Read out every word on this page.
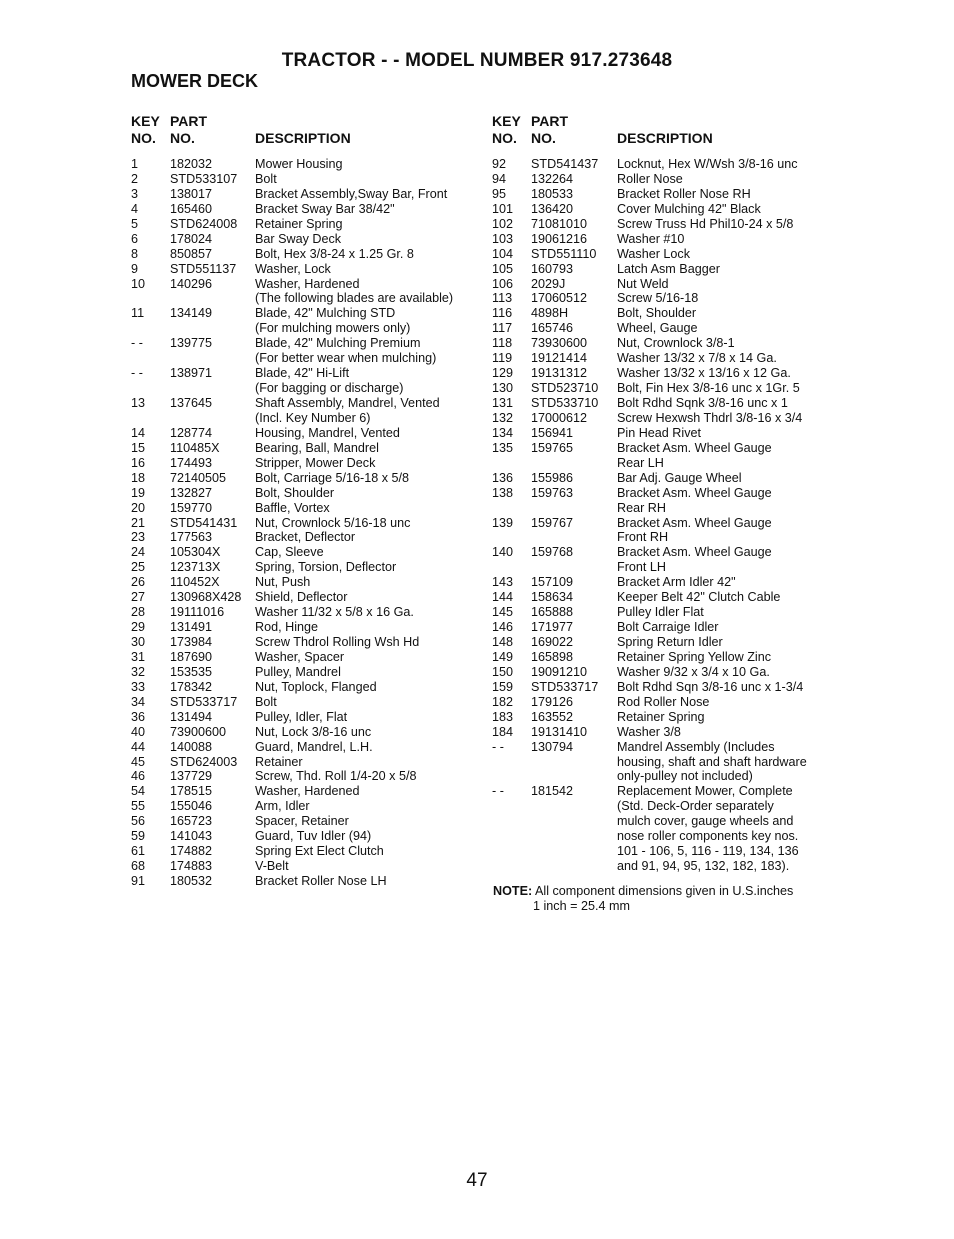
TRACTOR - - MODEL NUMBER 917.273648
MOWER DECK
KEY
NO.
PART
NO.	DESCRIPTION
1	182032	Mower Housing
2	STD533107 Bolt
3	138017	Bracket Assembly,Sway Bar, Front
4	165460	Bracket Sway Bar 38/42"
5	STD624008 Retainer Spring
6	178024	Bar Sway Deck
8	850857	Bolt, Hex 3/8-24 x 1.25 Gr. 8
9	STD551137 Washer, Lock
10 140296	Washer, Hardened
(The following blades are available)
11 134149	Blade, 42" Mulching STD
(For mulching mowers only)
- - 139775	Blade, 42" Mulching Premium
(For better wear when mulching)
- - 138971	Blade, 42" Hi-Lift
(For bagging or discharge)
13 137645	Shaft Assembly, Mandrel, Vented
(Incl. Key Number 6)
14 128774	Housing, Mandrel, Vented
15 110485X	Bearing, Ball, Mandrel
16 174493	Stripper, Mower Deck
18 72140505 Bolt, Carriage 5/16-18 x 5/8
19 132827	Bolt, Shoulder
20 159770	Baffle, Vortex
21 STD541431 Nut, Crownlock 5/16-18 unc
23 177563	Bracket, Deflector
24 105304X	Cap, Sleeve
25 123713X	Spring, Torsion, Deflector
26 110452X	Nut, Push
27 130968X428 Shield, Deflector
28 19111016 Washer 11/32 x 5/8 x 16 Ga.
29 131491	Rod, Hinge
30 173984	Screw Thdrol Rolling Wsh Hd
31 187690	Washer, Spacer
32 153535	Pulley, Mandrel
33 178342	Nut, Toplock, Flanged
34 STD533717 Bolt
36 131494	Pulley, Idler, Flat
40 73900600 Nut, Lock 3/8-16 unc
44 140088	Guard, Mandrel, L.H.
45 STD624003 Retainer
46 137729	Screw, Thd. Roll 1/4-20 x 5/8
54 178515	Washer, Hardened
55 155046	Arm, Idler
56 165723	Spacer, Retainer
59 141043	Guard, Tuv Idler (94)
61 174882	Spring Ext Elect Clutch
68 174883	V-Belt
91 180532	Bracket Roller Nose LH
KEY
NO.
PART
NO.	DESCRIPTION
92 STD541437 Locknut, Hex W/Wsh 3/8-16 unc
94 132264	Roller Nose
95 180533	Bracket Roller Nose RH
101 136420	Cover Mulching 42" Black
102 71081010 Screw Truss Hd Phil10-24 x 5/8
103 19061216 Washer #10
104 STD551110 Washer Lock
105 160793	Latch Asm Bagger
106 2029J	Nut Weld
113 17060512 Screw 5/16-18
116 4898H	Bolt, Shoulder
117 165746	Wheel, Gauge
118 73930600 Nut, Crownlock 3/8-1
119 19121414 Washer 13/32 x 7/8 x 14 Ga.
129 19131312 Washer 13/32 x 13/16 x 12 Ga.
130 STD523710 Bolt, Fin Hex 3/8-16 unc x 1Gr. 5
131 STD533710 Bolt Rdhd Sqnk 3/8-16 unc x 1
132 17000612 Screw Hexwsh Thdrl 3/8-16 x 3/4
134 156941	Pin Head Rivet
135 159765	Bracket Asm. Wheel Gauge
Rear LH
136 155986	Bar Adj. Gauge Wheel
138 159763	Bracket Asm. Wheel Gauge
Rear RH
139 159767	Bracket Asm. Wheel Gauge
Front RH
140 159768	Bracket Asm. Wheel Gauge
Front LH
143 157109	Bracket Arm Idler 42"
144 158634	Keeper Belt 42" Clutch Cable
145 165888	Pulley Idler Flat
146 171977	Bolt Carraige Idler
148 169022	Spring Return Idler
149 165898	Retainer Spring Yellow Zinc
150 19091210 Washer 9/32 x 3/4 x 10 Ga.
159 STD533717 Bolt Rdhd Sqn 3/8-16 unc x 1-3/4
182 179126	Rod Roller Nose
183 163552	Retainer Spring
184 19131410 Washer 3/8
- - 130794	Mandrel Assembly (Includes
housing, shaft and shaft hardware
only-pulley not included)
- - 181542	Replacement Mower, Complete
(Std. Deck-Order separately
mulch cover, gauge wheels and
nose roller components key nos.
101 - 106, 5, 116 - 119, 134, 136
and 91, 94, 95, 132, 182, 183).
NOTE: All component dimensions given in U.S.inches
1 inch = 25.4 mm
47
